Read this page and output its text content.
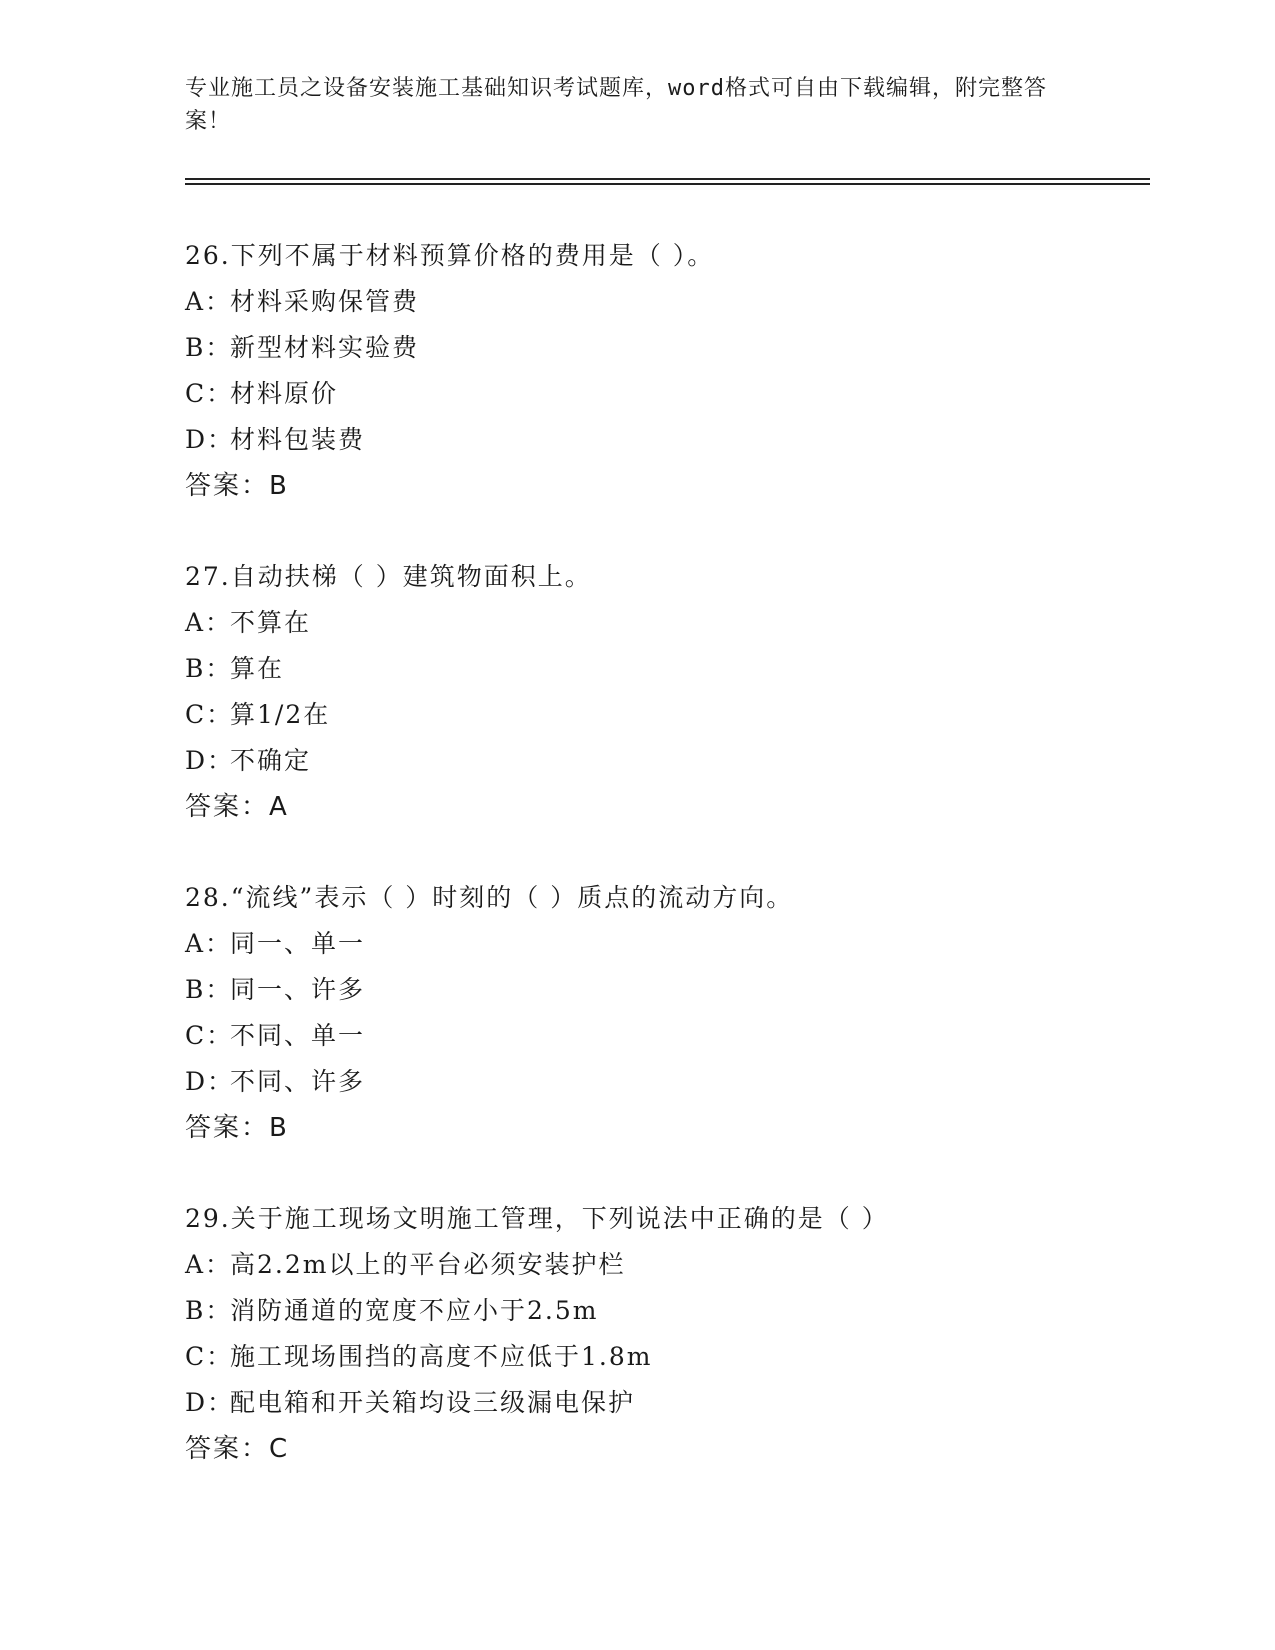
专业施工员之设备安装施工基础知识考试题库，word格式可自由下载编辑，附完整答案！
26.下列不属于材料预算价格的费用是（ ）。
A：材料采购保管费
B：新型材料实验费
C：材料原价
D：材料包装费
答案：B
27.自动扶梯（ ）建筑物面积上。
A：不算在
B：算在
C：算1/2在
D：不确定
答案：A
28.“流线”表示（ ）时刻的（ ）质点的流动方向。
A：同一、单一
B：同一、许多
C：不同、单一
D：不同、许多
答案：B
29.关于施工现场文明施工管理，下列说法中正确的是（ ）
A：高2.2m以上的平台必须安装护栏
B：消防通道的宽度不应小于2.5m
C：施工现场围挡的高度不应低于1.8m
D：配电箱和开关箱均设三级漏电保护
答案：C
